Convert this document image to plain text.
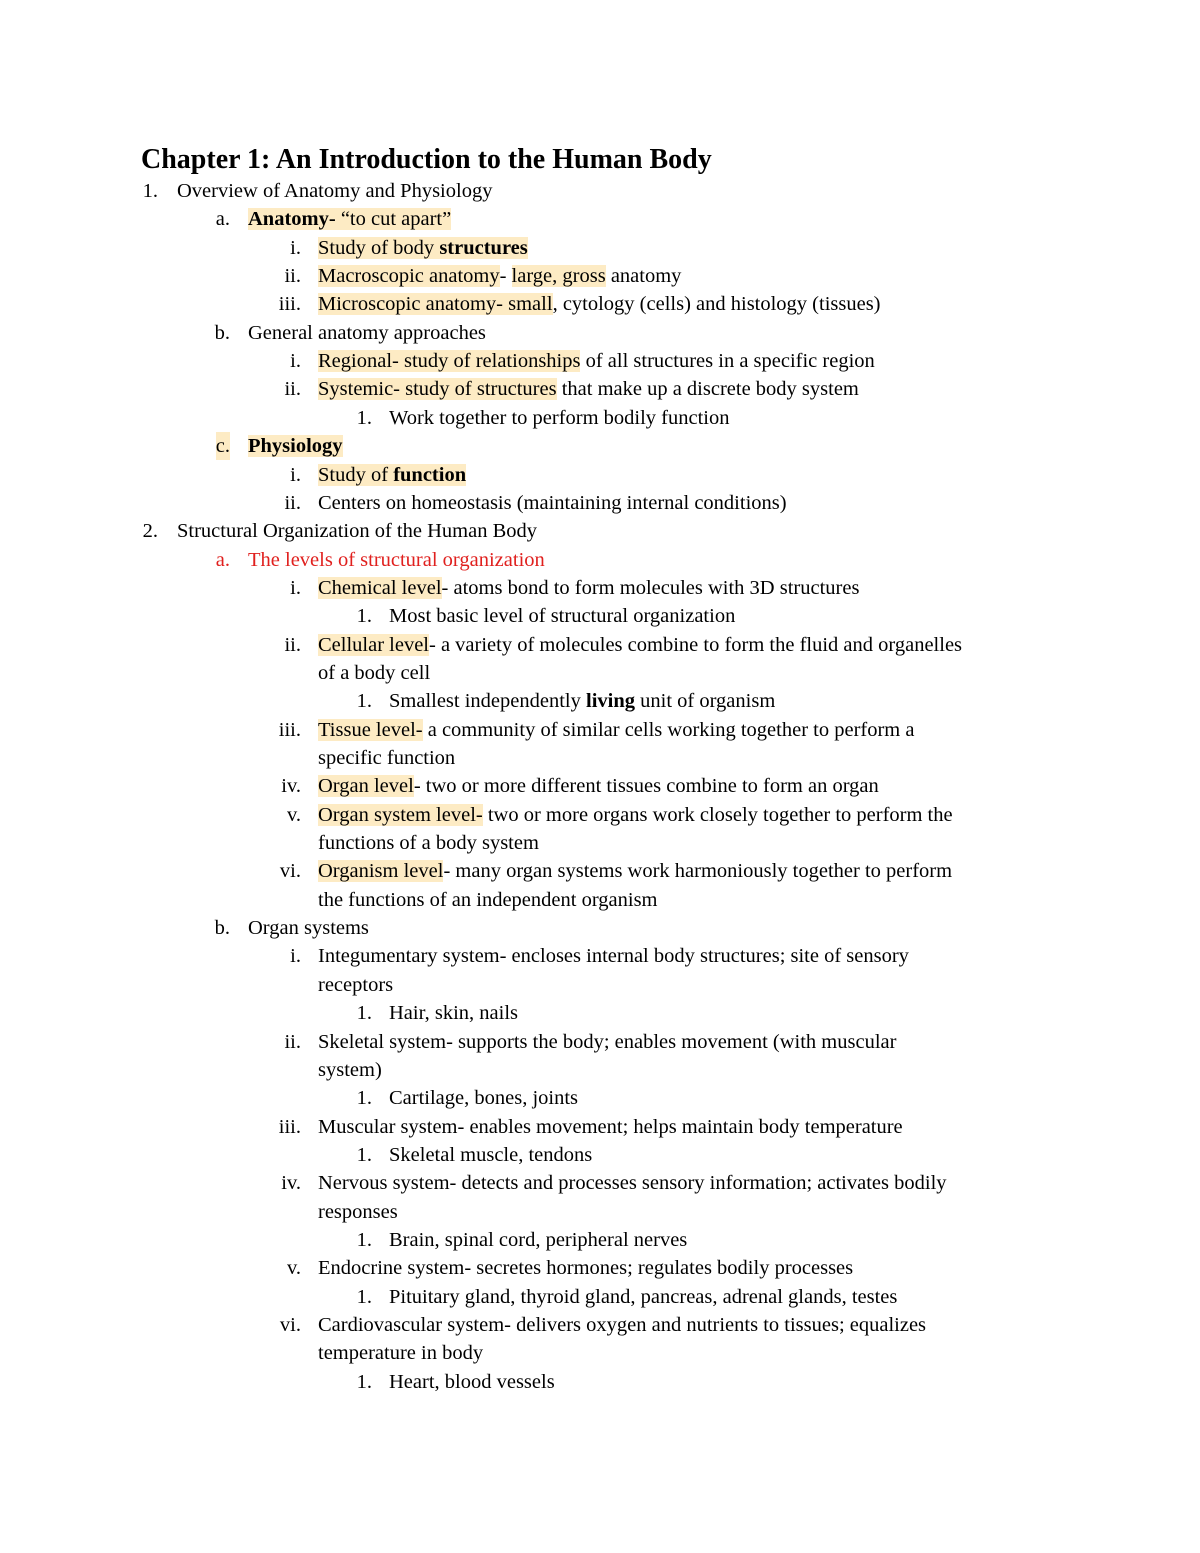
Chapter 1: An Introduction to the Human Body
1. Overview of Anatomy and Physiology
a. Anatomy- “to cut apart”
i. Study of body structures
ii. Macroscopic anatomy- large, gross anatomy
iii. Microscopic anatomy- small, cytology (cells) and histology (tissues)
b. General anatomy approaches
i. Regional- study of relationships of all structures in a specific region
ii. Systemic- study of structures that make up a discrete body system
1. Work together to perform bodily function
c. Physiology
i. Study of function
ii. Centers on homeostasis (maintaining internal conditions)
2. Structural Organization of the Human Body
a. The levels of structural organization
i. Chemical level- atoms bond to form molecules with 3D structures
1. Most basic level of structural organization
ii. Cellular level- a variety of molecules combine to form the fluid and organelles
of a body cell
1. Smallest independently living unit of organism
iii. Tissue level- a community of similar cells working together to perform a
specific function
iv. Organ level- two or more different tissues combine to form an organ
v. Organ system level- two or more organs work closely together to perform the
functions of a body system
vi. Organism level- many organ systems work harmoniously together to perform
the functions of an independent organism
b. Organ systems
i. Integumentary system- encloses internal body structures; site of sensory
receptors
1. Hair, skin, nails
ii. Skeletal system- supports the body; enables movement (with muscular
system)
1. Cartilage, bones, joints
iii. Muscular system- enables movement; helps maintain body temperature
1. Skeletal muscle, tendons
iv. Nervous system- detects and processes sensory information; activates bodily
responses
1. Brain, spinal cord, peripheral nerves
v. Endocrine system- secretes hormones; regulates bodily processes
1. Pituitary gland, thyroid gland, pancreas, adrenal glands, testes
vi. Cardiovascular system- delivers oxygen and nutrients to tissues; equalizes
temperature in body
1. Heart, blood vessels
